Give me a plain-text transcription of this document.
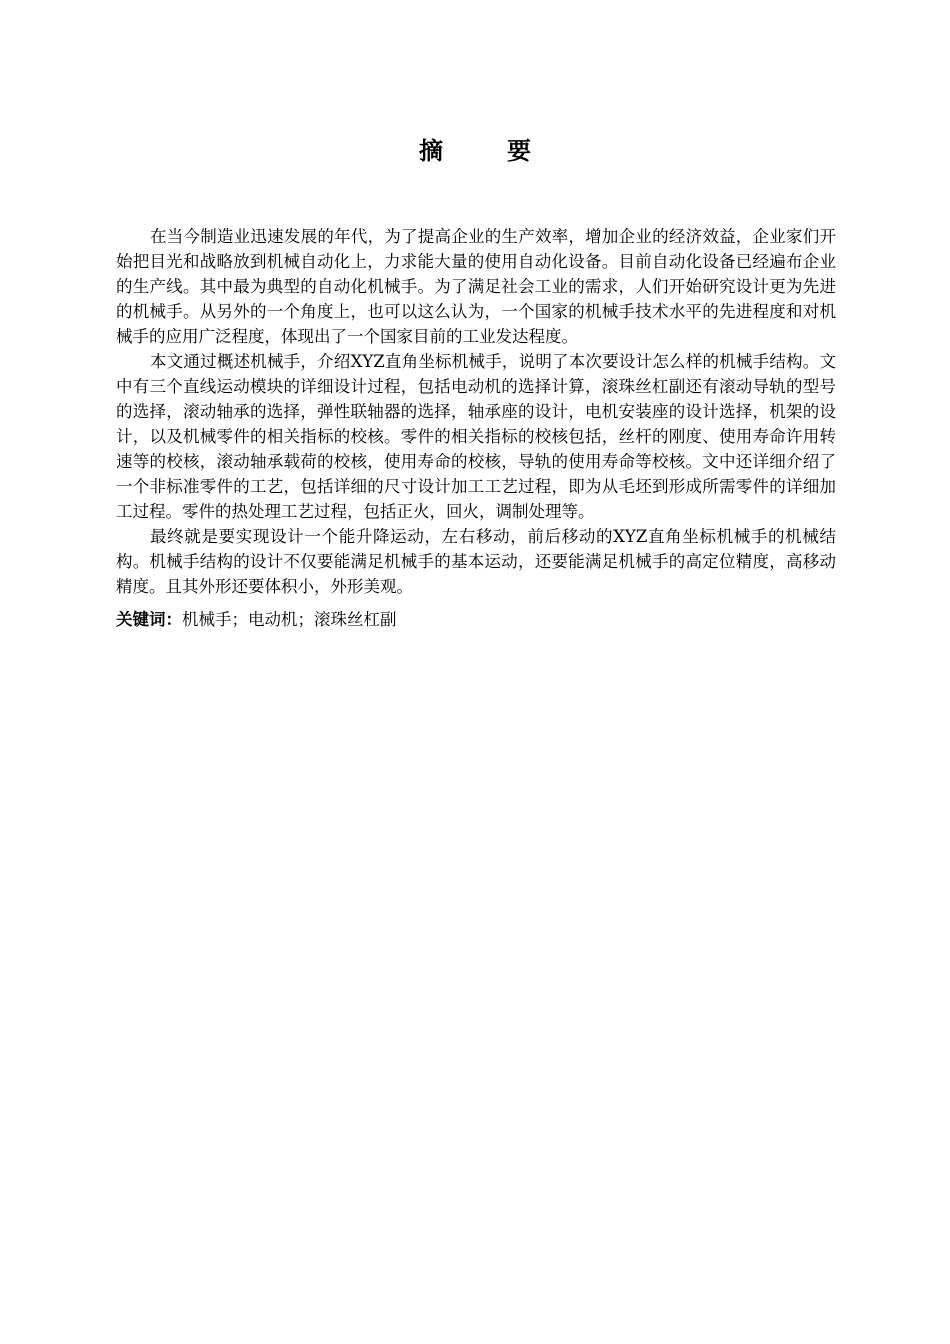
摘　要

在当今制造业迅速发展的年代，为了提高企业的生产效率，增加企业的经济效益，企业家们开始把目光和战略放到机械自动化上，力求能大量的使用自动化设备。目前自动化设备已经遍布企业的生产线。其中最为典型的自动化机械手。为了满足社会工业的需求，人们开始研究设计更为先进的机械手。从另外的一个角度上，也可以这么认为，一个国家的机械手技术水平的先进程度和对机械手的应用广泛程度，体现出了一个国家目前的工业发达程度。

本文通过概述机械手，介绍XYZ直角坐标机械手，说明了本次要设计怎么样的机械手结构。文中有三个直线运动模块的详细设计过程，包括电动机的选择计算，滚珠丝杠副还有滚动导轨的型号的选择，滚动轴承的选择，弹性联轴器的选择，轴承座的设计，电机安装座的设计选择，机架的设计，以及机械零件的相关指标的校核。零件的相关指标的校核包括，丝杆的刚度、使用寿命许用转速等的校核，滚动轴承载荷的校核，使用寿命的校核，导轨的使用寿命等校核。文中还详细介绍了一个非标准零件的工艺，包括详细的尺寸设计加工工艺过程，即为从毛坯到形成所需零件的详细加工过程。零件的热处理工艺过程，包括正火，回火，调制处理等。

最终就是要实现设计一个能升降运动，左右移动，前后移动的XYZ直角坐标机械手的机械结构。机械手结构的设计不仅要能满足机械手的基本运动，还要能满足机械手的高定位精度，高移动精度。且其外形还要体积小，外形美观。

关键词：机械手；电动机；滚珠丝杠副
